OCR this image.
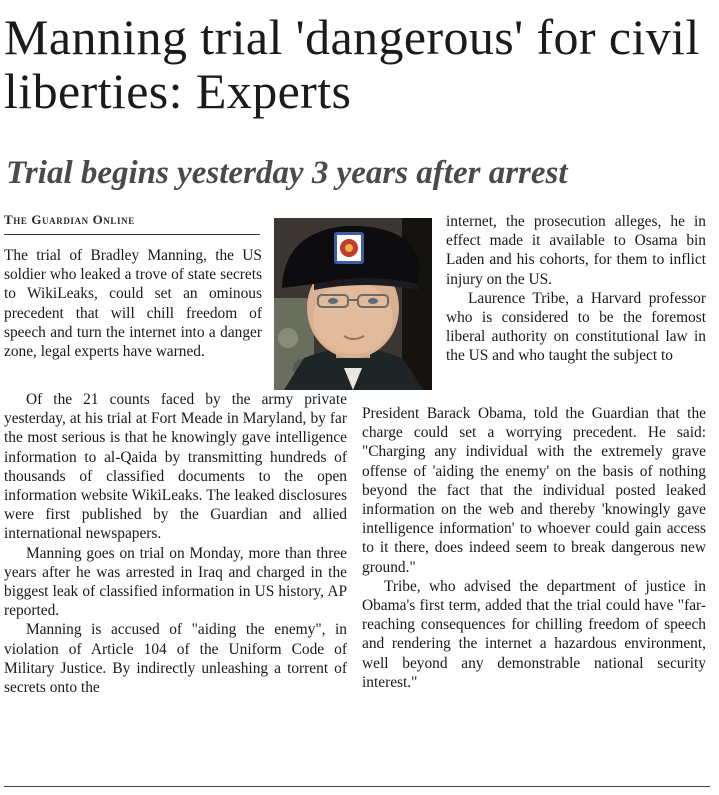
Manning trial 'dangerous' for civil liberties: Experts
Trial begins yesterday 3 years after arrest
The Guardian Online

The trial of Bradley Manning, the US soldier who leaked a trove of state secrets to WikiLeaks, could set an ominous precedent that will chill freedom of speech and turn the internet into a danger zone, legal experts have warned.

Of the 21 counts faced by the army private yesterday, at his trial at Fort Meade in Maryland, by far the most serious is that he knowingly gave intelligence information to al-Qaida by transmitting hundreds of thousands of classified documents to the open information website WikiLeaks. The leaked disclosures were first published by the Guardian and allied international newspapers.

Manning goes on trial on Monday, more than three years after he was arrested in Iraq and charged in the biggest leak of classified information in US history, AP reported.

Manning is accused of "aiding the enemy", in violation of Article 104 of the Uniform Code of Military Justice. By indirectly unleashing a torrent of secrets onto the

internet, the prosecution alleges, he in effect made it available to Osama bin Laden and his cohorts, for them to inflict injury on the US.

Laurence Tribe, a Harvard professor who is considered to be the foremost liberal authority on constitutional law in the US and who taught the subject to

President Barack Obama, told the Guardian that the charge could set a worrying precedent. He said: "Charging any individual with the extremely grave offense of 'aiding the enemy' on the basis of nothing beyond the fact that the individual posted leaked information on the web and thereby 'knowingly gave intelligence information' to whoever could gain access to it there, does indeed seem to break dangerous new ground."

Tribe, who advised the department of justice in Obama's first term, added that the trial could have "far-reaching consequences for chilling freedom of speech and rendering the internet a hazardous environment, well beyond any demonstrable national security interest."
